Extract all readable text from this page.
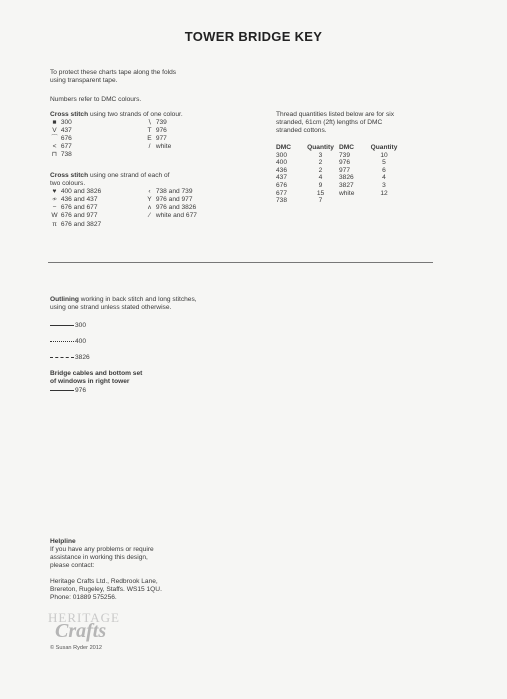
TOWER BRIDGE KEY
To protect these charts tape along the folds
using transparent tape.
Numbers refer to DMC colours.
Cross stitch using two strands of one colour.
■ 300
V 437
⌒ 676
< 677
⊓ 738
∖ 739
T 976
E 977
/ white
Cross stitch using one strand of each of
two colours.
♥ 400 and 3826
≁ 436 and 437
− 676 and 677
W 676 and 977
π 676 and 3827
‹ 738 and 739
Y 976 and 977
ᴧ 976 and 3826
⁄ white and 677
Thread quantities listed below are for six
stranded, 61cm (2ft) lengths of DMC
stranded cottons.
DMC	Quantity	DMC	Quantity
300	3	739	10
400	2	976	5
436	2	977	6
437	4	3826	4
676	9	3827	3
677	15	white	12
738	7		
Outlining working in back stitch and long stitches,
using one strand unless stated otherwise.
300
400
3826
Bridge cables and bottom set
of windows in right tower
976
Helpline
If you have any problems or require
assistance in working this design,
please contact:
Heritage Crafts Ltd., Redbrook Lane,
Brereton, Rugeley, Staffs. WS15 1QU.
Phone: 01889 575256.
HERITAGE
Crafts
© Susan Ryder 2012
